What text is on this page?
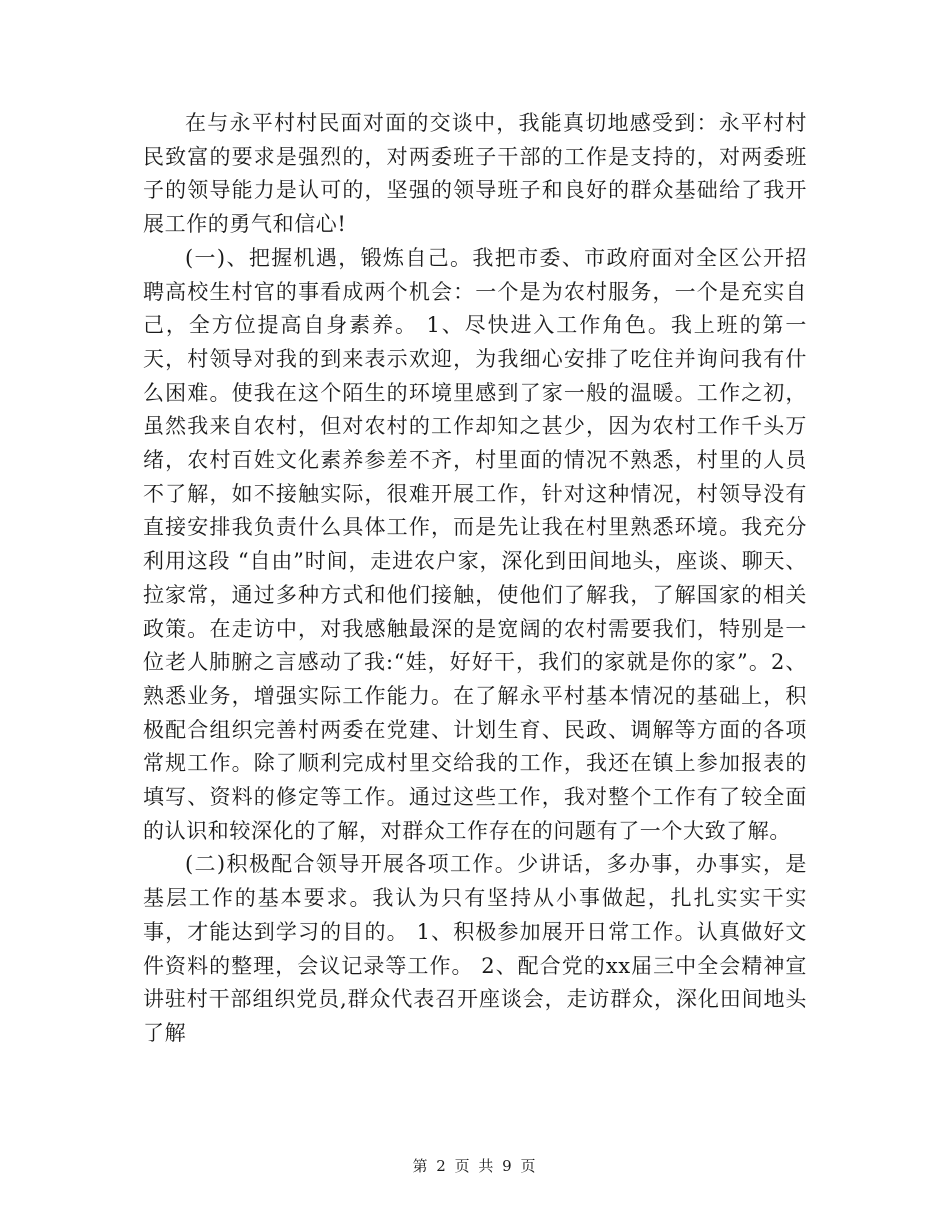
在与永平村村民面对面的交谈中，我能真切地感受到：永平村村民致富的要求是强烈的，对两委班子干部的工作是支持的，对两委班子的领导能力是认可的，坚强的领导班子和良好的群众基础给了我开展工作的勇气和信心!

(一)、把握机遇，锻炼自己。我把市委、市政府面对全区公开招聘高校生村官的事看成两个机会：一个是为农村服务，一个是充实自己，全方位提高自身素养。 1、尽快进入工作角色。我上班的第一天，村领导对我的到来表示欢迎，为我细心安排了吃住并询问我有什么困难。使我在这个陌生的环境里感到了家一般的温暖。工作之初，虽然我来自农村，但对农村的工作却知之甚少，因为农村工作千头万绪，农村百姓文化素养参差不齐，村里面的情况不熟悉，村里的人员不了解，如不接触实际，很难开展工作，针对这种情况，村领导没有直接安排我负责什么具体工作，而是先让我在村里熟悉环境。我充分利用这段 “自由”时间，走进农户家，深化到田间地头，座谈、聊天、拉家常，通过多种方式和他们接触，使他们了解我，了解国家的相关政策。在走访中，对我感触最深的是宽阔的农村需要我们，特别是一位老人肺腑之言感动了我:“娃，好好干，我们的家就是你的家”。2、熟悉业务，增强实际工作能力。在了解永平村基本情况的基础上，积极配合组织完善村两委在党建、计划生育、民政、调解等方面的各项常规工作。除了顺利完成村里交给我的工作，我还在镇上参加报表的填写、资料的修定等工作。通过这些工作，我对整个工作有了较全面的认识和较深化的了解，对群众工作存在的问题有了一个大致了解。

(二)积极配合领导开展各项工作。少讲话，多办事，办事实，是基层工作的基本要求。我认为只有坚持从小事做起，扎扎实实干实事，才能达到学习的目的。 1、积极参加展开日常工作。认真做好文件资料的整理，会议记录等工作。 2、配合党的xx届三中全会精神宣讲驻村干部组织党员,群众代表召开座谈会，走访群众，深化田间地头了解

第 2 页 共 9 页
